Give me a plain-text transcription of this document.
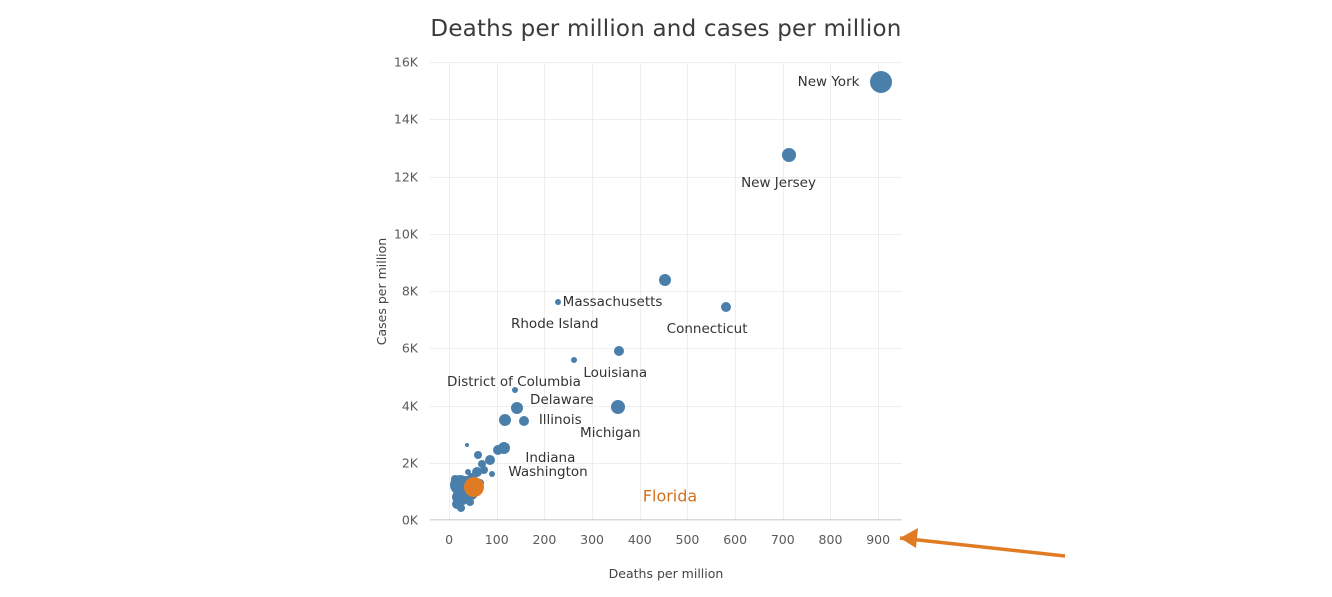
Deaths per million and cases per million
Cases per million
Deaths per million
0K
2K
4K
6K
8K
10K
12K
14K
16K
0	100	200	300	400	500	600	700	800	900
New York
New Jersey
Massachusetts
Rhode Island	Connecticut
Louisiana
District of Columbia
Delaware
Illinois
Michigan
Indiana
Washington
Florida
